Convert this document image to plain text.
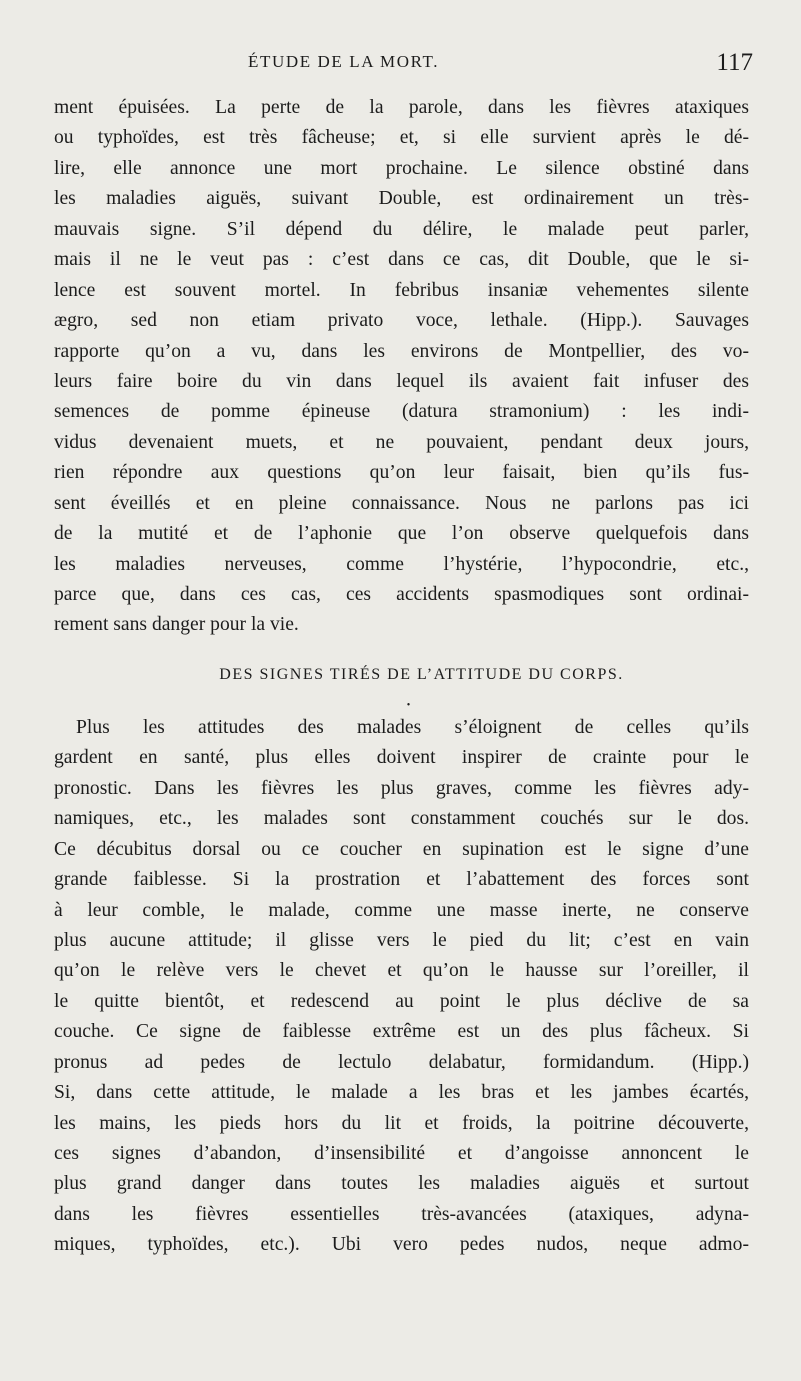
ÉTUDE DE LA MORT.	117
ment épuisées. La perte de la parole, dans les fièvres ataxiques
ou typhoïdes, est très fâcheuse; et, si elle survient après le dé-
lire, elle annonce une mort prochaine. Le silence obstiné dans
les maladies aiguës, suivant Double, est ordinairement un très-
mauvais signe. S’il dépend du délire, le malade peut parler,
mais il ne le veut pas : c’est dans ce cas, dit Double, que le si-
lence est souvent mortel. In febribus insaniæ vehementes silente
ægro, sed non etiam privato voce, lethale. (Hipp.). Sauvages
rapporte qu’on a vu, dans les environs de Montpellier, des vo-
leurs faire boire du vin dans lequel ils avaient fait infuser des
semences de pomme épineuse (datura stramonium) : les indi-
vidus devenaient muets, et ne pouvaient, pendant deux jours,
rien répondre aux questions qu’on leur faisait, bien qu’ils fus-
sent éveillés et en pleine connaissance. Nous ne parlons pas ici
de la mutité et de l’aphonie que l’on observe quelquefois dans
les maladies nerveuses, comme l’hystérie, l’hypocondrie, etc.,
parce que, dans ces cas, ces accidents spasmodiques sont ordinai-
rement sans danger pour la vie.
DES SIGNES TIRÉS DE L’ATTITUDE DU CORPS.
•
Plus les attitudes des malades s’éloignent de celles qu’ils
gardent en santé, plus elles doivent inspirer de crainte pour le
pronostic. Dans les fièvres les plus graves, comme les fièvres ady-
namiques, etc., les malades sont constamment couchés sur le dos.
Ce décubitus dorsal ou ce coucher en supination est le signe d’une
grande faiblesse. Si la prostration et l’abattement des forces sont
à leur comble, le malade, comme une masse inerte, ne conserve
plus aucune attitude; il glisse vers le pied du lit; c’est en vain
qu’on le relève vers le chevet et qu’on le hausse sur l’oreiller, il
le quitte bientôt, et redescend au point le plus déclive de sa
couche. Ce signe de faiblesse extrême est un des plus fâcheux. Si
pronus ad pedes de lectulo delabatur, formidandum. (Hipp.)
Si, dans cette attitude, le malade a les bras et les jambes écartés,
les mains, les pieds hors du lit et froids, la poitrine découverte,
ces signes d’abandon, d’insensibilité et d’angoisse annoncent le
plus grand danger dans toutes les maladies aiguës et surtout
dans les fièvres essentielles très-avancées (ataxiques, adyna-
miques, typhoïdes, etc.). Ubi vero pedes nudos, neque admo-
